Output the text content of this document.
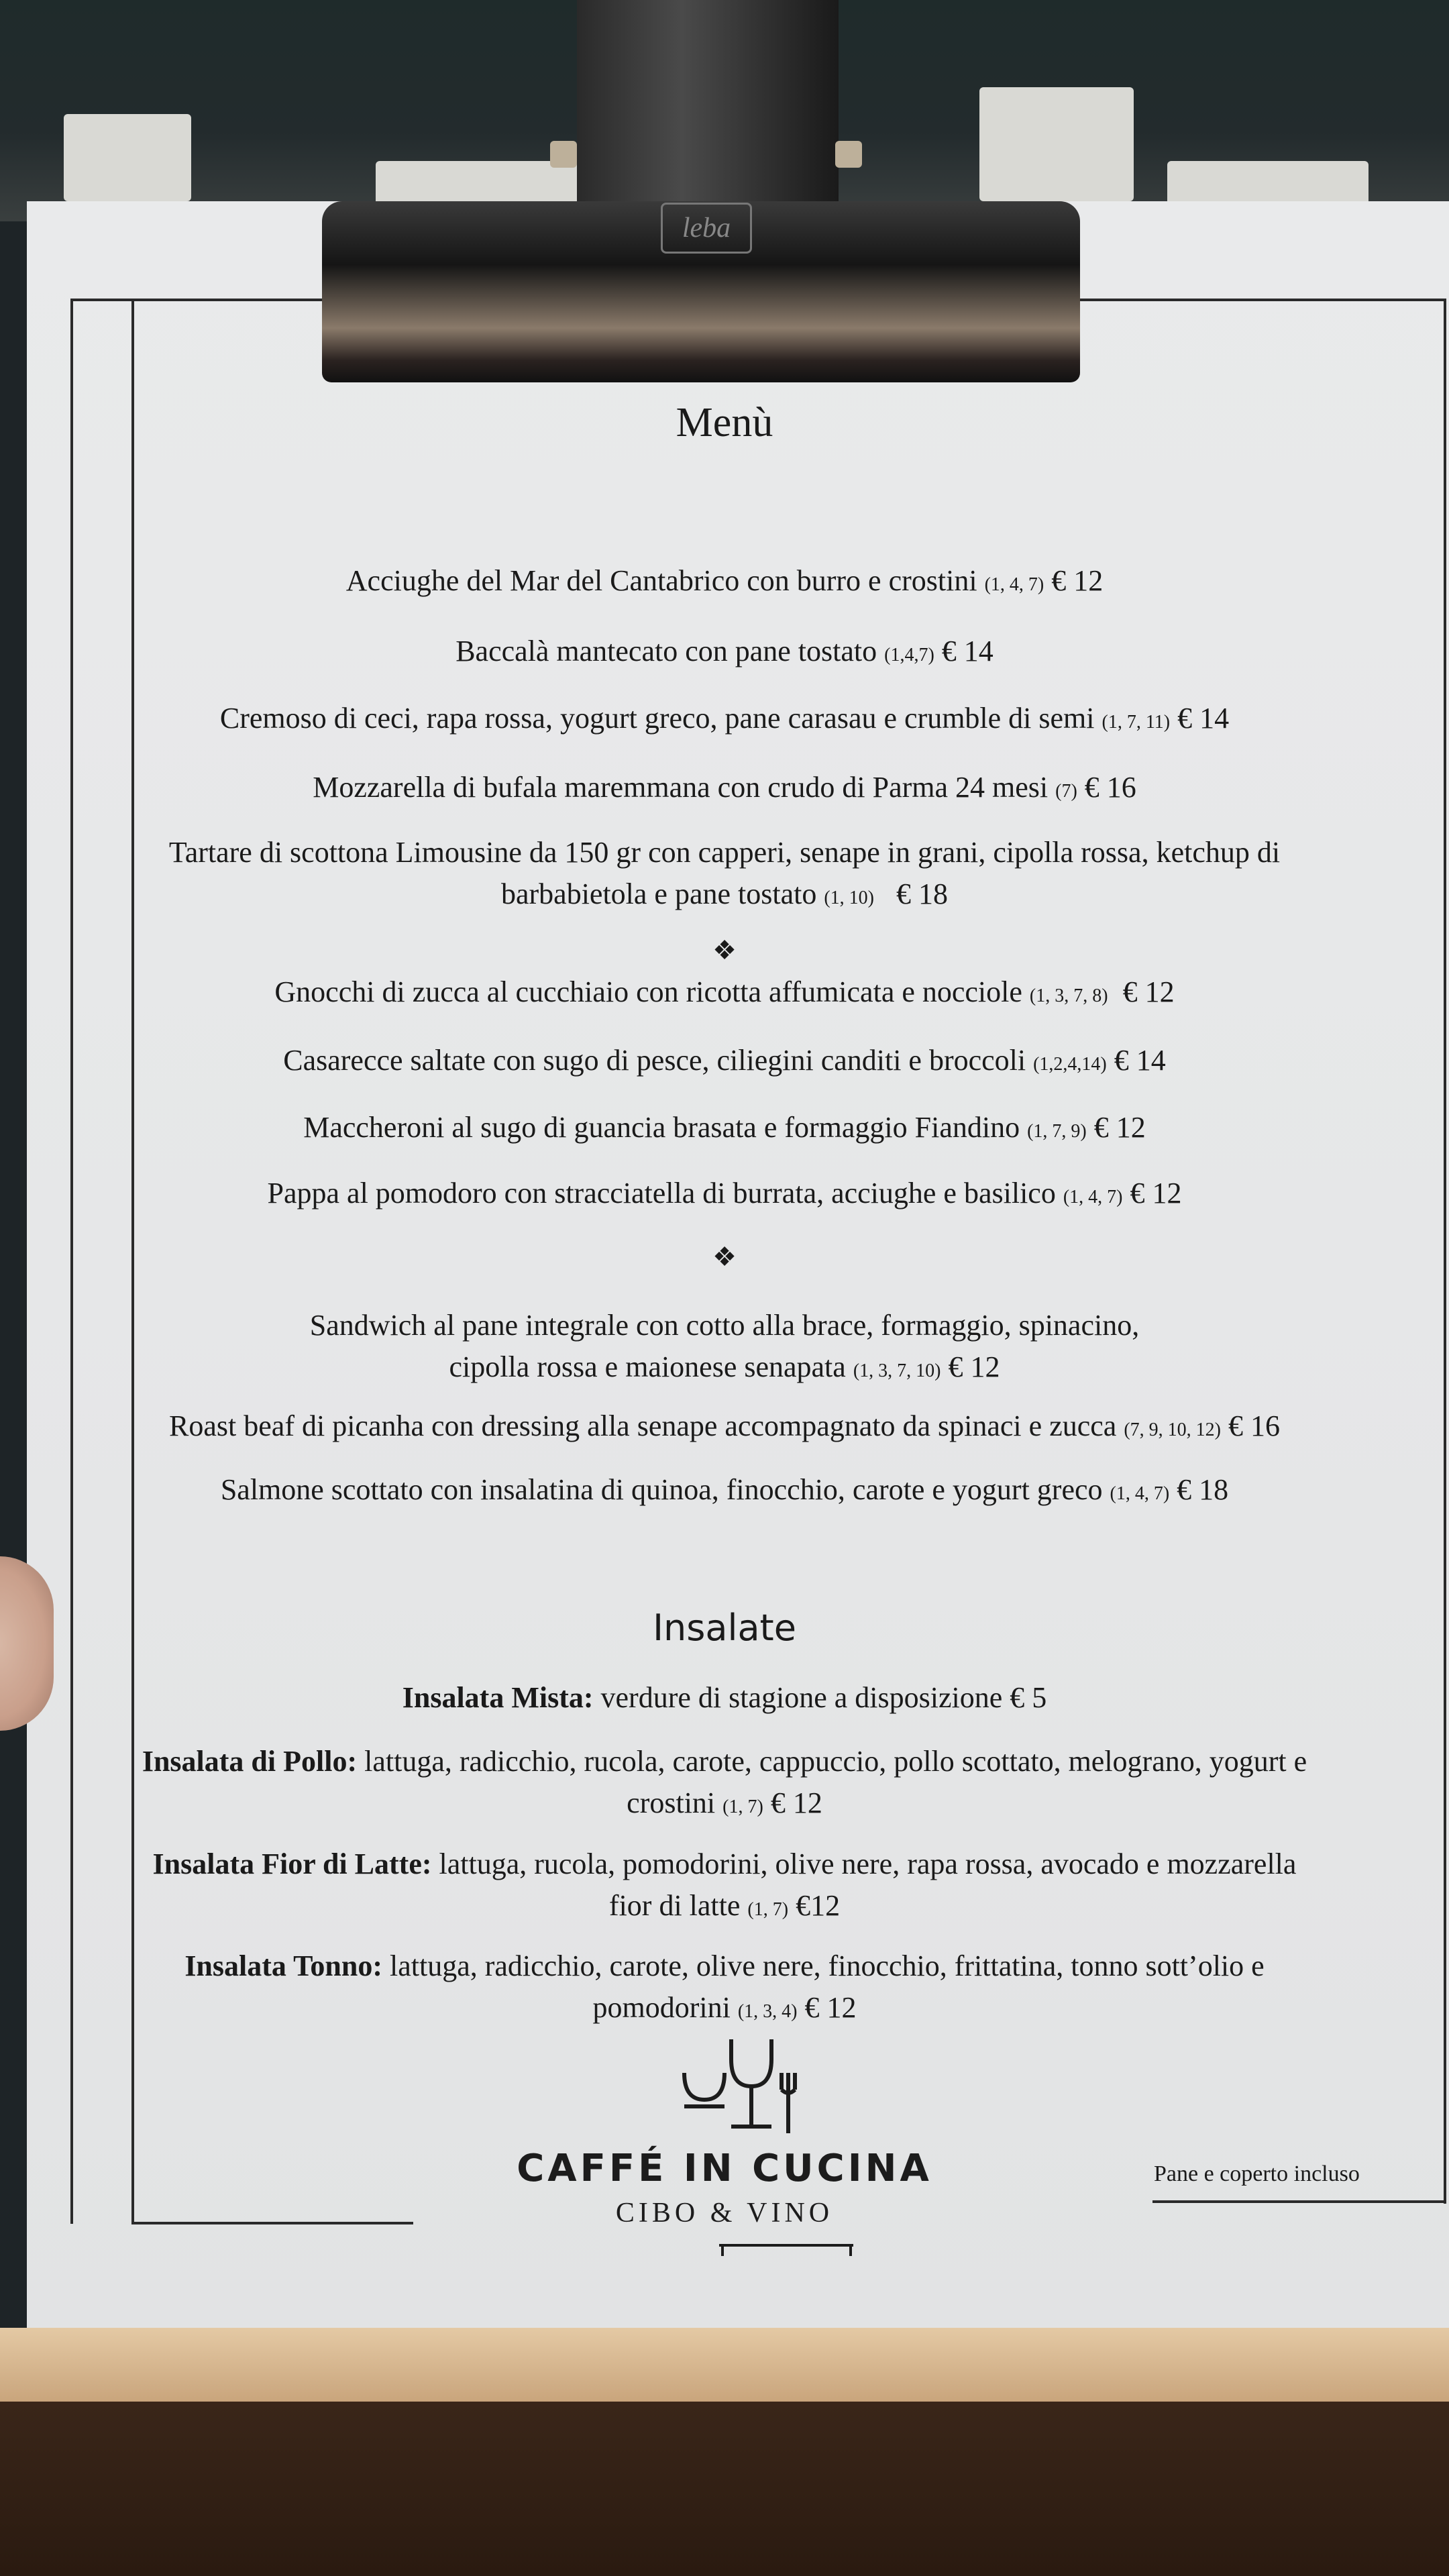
leba
Menù
Acciughe del Mar del Cantabrico con burro e crostini (1, 4, 7) € 12
Baccalà mantecato con pane tostato (1,4,7) € 14
Cremoso di ceci, rapa rossa, yogurt greco, pane carasau e crumble di semi (1, 7, 11) € 14
Mozzarella di bufala maremmana con crudo di Parma 24 mesi (7) € 16
Tartare di scottona Limousine da 150 gr con capperi, senape in grani, cipolla rossa, ketchup di
barbabietola e pane tostato (1, 10) € 18
❖
Gnocchi di zucca al cucchiaio con ricotta affumicata e nocciole (1, 3, 7, 8) € 12
Casarecce saltate con sugo di pesce, ciliegini canditi e broccoli (1,2,4,14) € 14
Maccheroni al sugo di guancia brasata e formaggio Fiandino (1, 7, 9) € 12
Pappa al pomodoro con stracciatella di burrata, acciughe e basilico (1, 4, 7) € 12
❖
Sandwich al pane integrale con cotto alla brace, formaggio, spinacino,
cipolla rossa e maionese senapata (1, 3, 7, 10) € 12
Roast beaf di picanha con dressing alla senape accompagnato da spinaci e zucca (7, 9, 10, 12) € 16
Salmone scottato con insalatina di quinoa, finocchio, carote e yogurt greco (1, 4, 7) € 18
Insalate
Insalata Mista: verdure di stagione a disposizione € 5
Insalata di Pollo: lattuga, radicchio, rucola, carote, cappuccio, pollo scottato, melograno, yogurt e
crostini (1, 7) € 12
Insalata Fior di Latte: lattuga, rucola, pomodorini, olive nere, rapa rossa, avocado e mozzarella
fior di latte (1, 7) €12
Insalata Tonno: lattuga, radicchio, carote, olive nere, finocchio, frittatina, tonno sott’olio e
pomodorini (1, 3, 4) € 12
CAFFÉ IN CUCINA
CIBO & VINO
Pane e coperto incluso
